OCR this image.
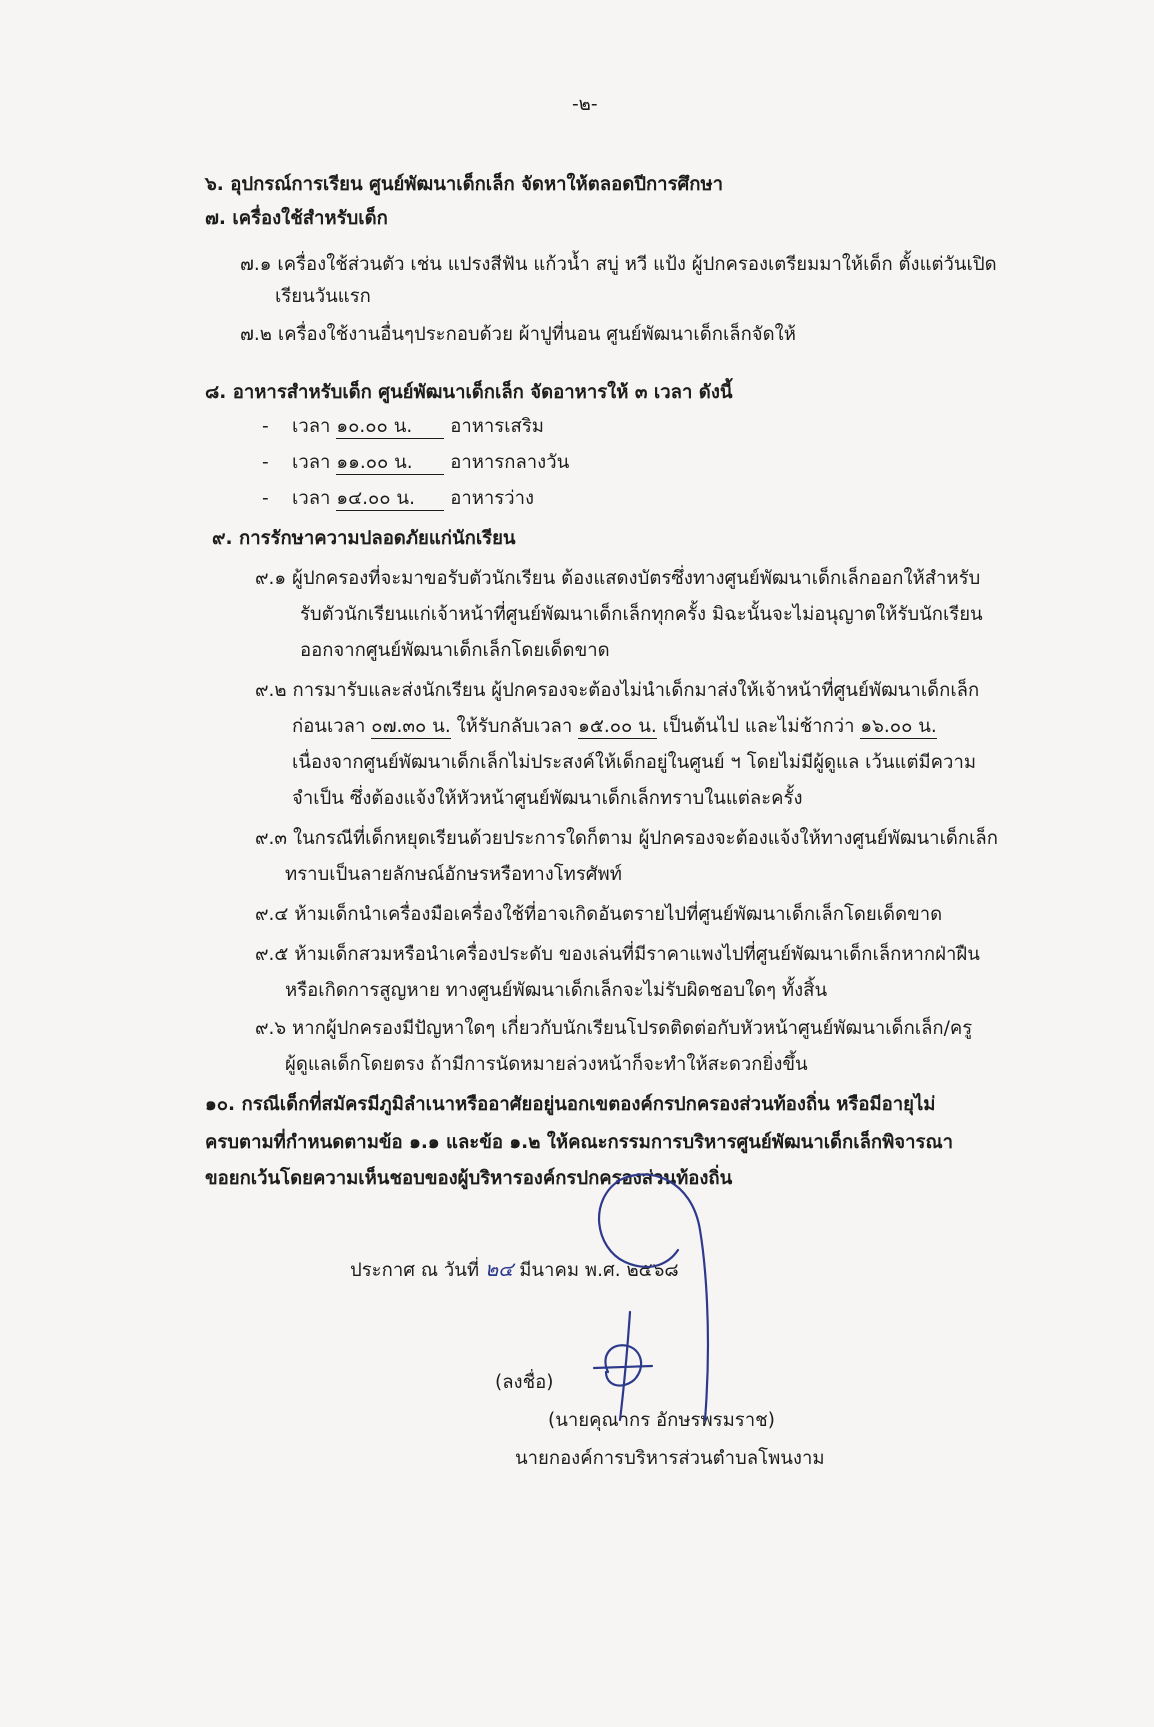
-๒-
๖. อุปกรณ์การเรียน ศูนย์พัฒนาเด็กเล็ก จัดหาให้ตลอดปีการศึกษา
๗. เครื่องใช้สำหรับเด็ก
๗.๑ เครื่องใช้ส่วนตัว เช่น แปรงสีฟัน แก้วน้ำ สบู่ หวี แป้ง ผู้ปกครองเตรียมมาให้เด็ก ตั้งแต่วันเปิด
เรียนวันแรก
๗.๒ เครื่องใช้งานอื่นๆประกอบด้วย ผ้าปูที่นอน ศูนย์พัฒนาเด็กเล็กจัดให้
๘. อาหารสำหรับเด็ก ศูนย์พัฒนาเด็กเล็ก จัดอาหารให้ ๓ เวลา ดังนี้
- เวลา ๑๐.๐๐ น. อาหารเสริม
- เวลา ๑๑.๐๐ น. อาหารกลางวัน
- เวลา ๑๔.๐๐ น. อาหารว่าง
๙. การรักษาความปลอดภัยแก่นักเรียน
๙.๑ ผู้ปกครองที่จะมาขอรับตัวนักเรียน ต้องแสดงบัตรซึ่งทางศูนย์พัฒนาเด็กเล็กออกให้สำหรับ
รับตัวนักเรียนแก่เจ้าหน้าที่ศูนย์พัฒนาเด็กเล็กทุกครั้ง มิฉะนั้นจะไม่อนุญาตให้รับนักเรียน
ออกจากศูนย์พัฒนาเด็กเล็กโดยเด็ดขาด
๙.๒ การมารับและส่งนักเรียน ผู้ปกครองจะต้องไม่นำเด็กมาส่งให้เจ้าหน้าที่ศูนย์พัฒนาเด็กเล็ก
ก่อนเวลา ๐๗.๓๐ น. ให้รับกลับเวลา ๑๕.๐๐ น. เป็นต้นไป และไม่ช้ากว่า ๑๖.๐๐ น.
เนื่องจากศูนย์พัฒนาเด็กเล็กไม่ประสงค์ให้เด็กอยู่ในศูนย์ ฯ โดยไม่มีผู้ดูแล เว้นแต่มีความ
จำเป็น ซึ่งต้องแจ้งให้หัวหน้าศูนย์พัฒนาเด็กเล็กทราบในแต่ละครั้ง
๙.๓ ในกรณีที่เด็กหยุดเรียนด้วยประการใดก็ตาม ผู้ปกครองจะต้องแจ้งให้ทางศูนย์พัฒนาเด็กเล็ก
ทราบเป็นลายลักษณ์อักษรหรือทางโทรศัพท์
๙.๔ ห้ามเด็กนำเครื่องมือเครื่องใช้ที่อาจเกิดอันตรายไปที่ศูนย์พัฒนาเด็กเล็กโดยเด็ดขาด
๙.๕ ห้ามเด็กสวมหรือนำเครื่องประดับ ของเล่นที่มีราคาแพงไปที่ศูนย์พัฒนาเด็กเล็กหากฝ่าฝืน
หรือเกิดการสูญหาย ทางศูนย์พัฒนาเด็กเล็กจะไม่รับผิดชอบใดๆ ทั้งสิ้น
๙.๖ หากผู้ปกครองมีปัญหาใดๆ เกี่ยวกับนักเรียนโปรดติดต่อกับหัวหน้าศูนย์พัฒนาเด็กเล็ก/ครู
ผู้ดูแลเด็กโดยตรง ถ้ามีการนัดหมายล่วงหน้าก็จะทำให้สะดวกยิ่งขึ้น
๑๐. กรณีเด็กที่สมัครมีภูมิลำเนาหรืออาศัยอยู่นอกเขตองค์กรปกครองส่วนท้องถิ่น หรือมีอายุไม่
ครบตามที่กำหนดตามข้อ ๑.๑ และข้อ ๑.๒ ให้คณะกรรมการบริหารศูนย์พัฒนาเด็กเล็กพิจารณา
ขอยกเว้นโดยความเห็นชอบของผู้บริหารองค์กรปกครองส่วนท้องถิ่น
ประกาศ ณ วันที่ ๒๔ มีนาคม พ.ศ. ๒๕๖๘
(ลงชื่อ)
(นายคุณากร อักษรพรมราช)
นายกองค์การบริหารส่วนตำบลโพนงาม
